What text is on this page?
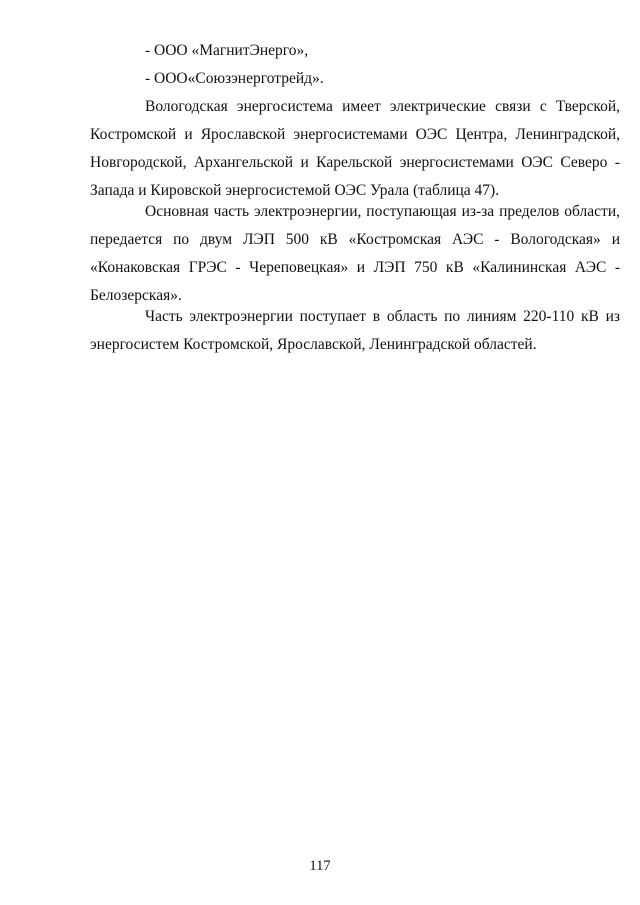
- ООО «МагнитЭнерго»,
- ООО«Союзэнерготрейд».
Вологодская энергосистема имеет электрические связи с Тверской,
Костромской и Ярославской энергосистемами ОЭС Центра, Ленинградской,
Новгородской, Архангельской и Карельской энергосистемами ОЭС Северо -
Запада и Кировской энергосистемой ОЭС Урала (таблица 47).
Основная часть электроэнергии, поступающая из-за пределов области,
передается по двум ЛЭП 500 кВ «Костромская АЭС - Вологодская» и
«Конаковская ГРЭС - Череповецкая» и ЛЭП 750 кВ «Калининская АЭС -
Белозерская».
Часть электроэнергии поступает в область по линиям 220-110 кВ из
энергосистем Костромской, Ярославской, Ленинградской областей.
117
